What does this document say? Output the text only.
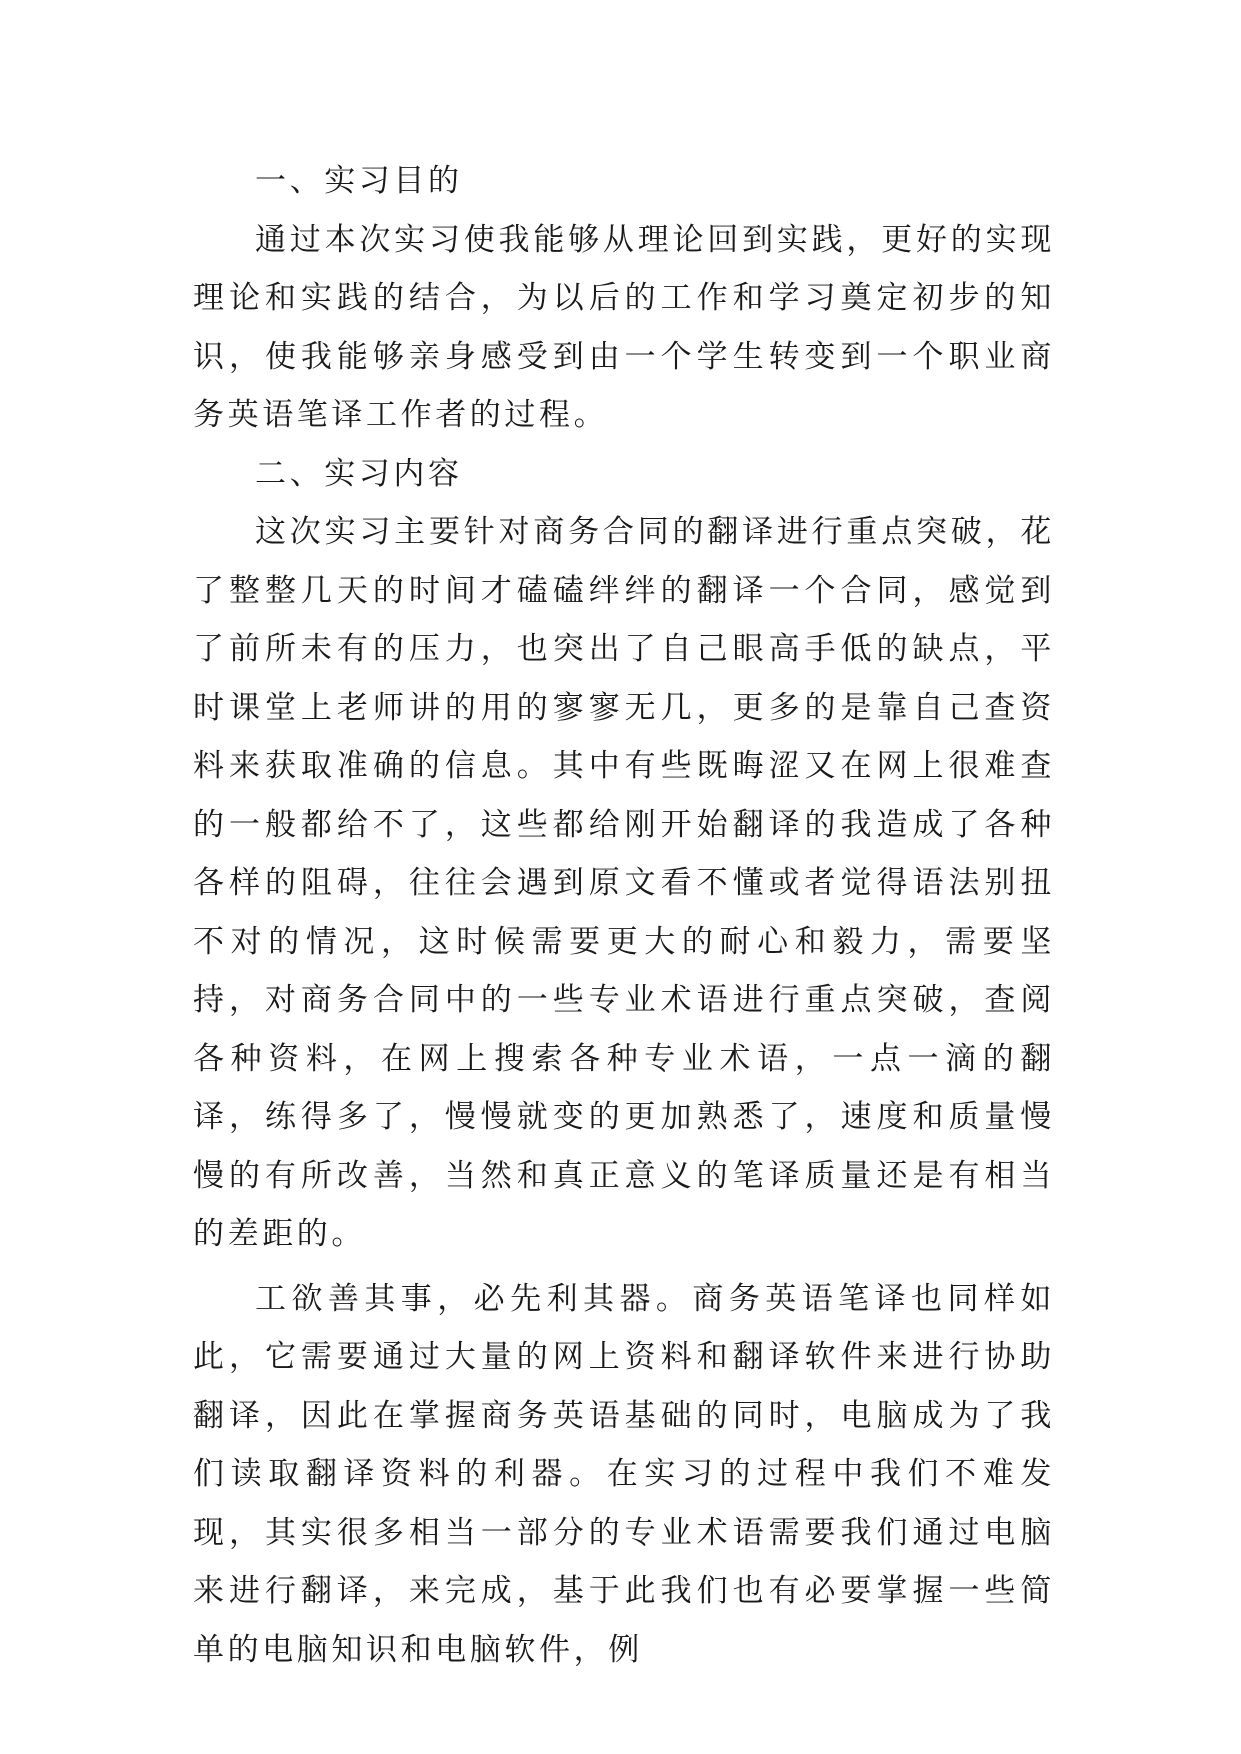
一、实习目的

通过本次实习使我能够从理论回到实践，更好的实现理论和实践的结合，为以后的工作和学习奠定初步的知识，使我能够亲身感受到由一个学生转变到一个职业商务英语笔译工作者的过程。

二、实习内容

这次实习主要针对商务合同的翻译进行重点突破，花了整整几天的时间才磕磕绊绊的翻译一个合同，感觉到了前所未有的压力，也突出了自己眼高手低的缺点，平时课堂上老师讲的用的寥寥无几，更多的是靠自己查资料来获取准确的信息。其中有些既晦涩又在网上很难查的一般都给不了，这些都给刚开始翻译的我造成了各种各样的阻碍，往往会遇到原文看不懂或者觉得语法别扭不对的情况，这时候需要更大的耐心和毅力，需要坚持，对商务合同中的一些专业术语进行重点突破，查阅各种资料，在网上搜索各种专业术语，一点一滴的翻译，练得多了，慢慢就变的更加熟悉了，速度和质量慢慢的有所改善，当然和真正意义的笔译质量还是有相当的差距的。

工欲善其事，必先利其器。商务英语笔译也同样如此，它需要通过大量的网上资料和翻译软件来进行协助翻译，因此在掌握商务英语基础的同时，电脑成为了我们读取翻译资料的利器。在实习的过程中我们不难发现，其实很多相当一部分的专业术语需要我们通过电脑来进行翻译，来完成，基于此我们也有必要掌握一些简单的电脑知识和电脑软件，例
